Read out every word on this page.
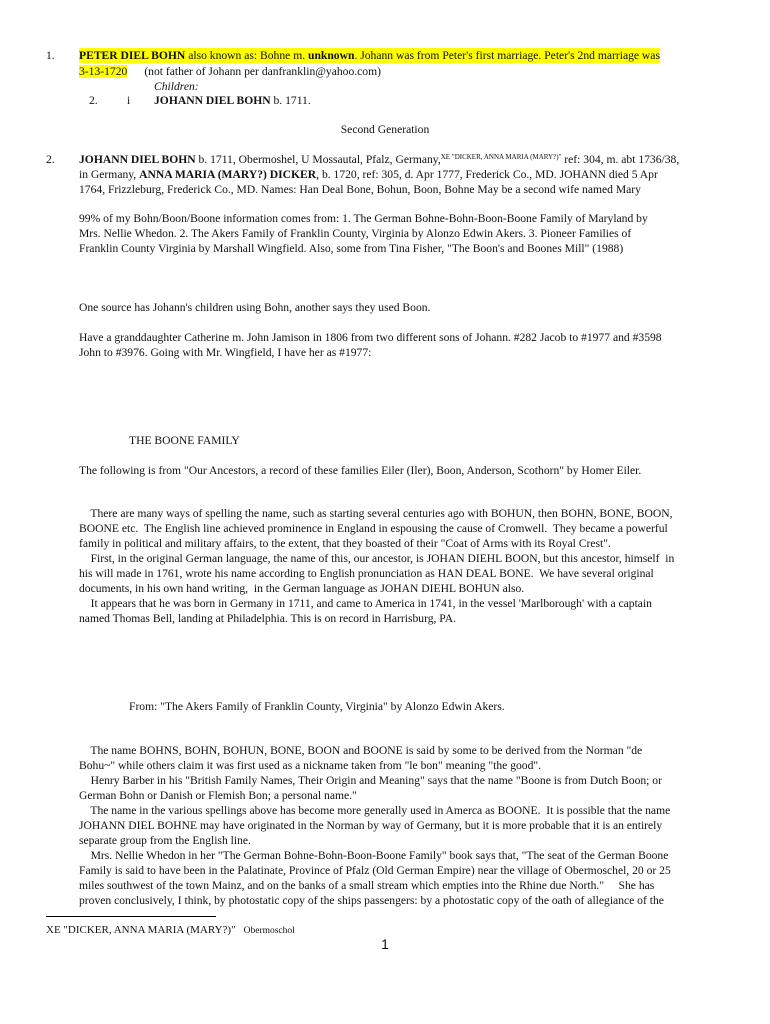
1. PETER DIEL BOHN also known as: Bohne m. unknown. Johann was from Peter's first marriage. Peter's 2nd marriage was

3-13-1720 (not father of Johann per danfranklin@yahoo.com)

Children:

2.	i JOHANN DIEL BOHN b. 1711.

Second Generation

2. JOHANN DIEL BOHN b. 1711, Obermoshel, U Mossautal, Pfalz, Germany,$^{XE "DICKER, ANNA MARIA (MARY?)"}$ ref: 304, m. abt 1736/38,

in Germany, ANNA MARIA (MARY?) DICKER, b. 1720, ref: 305, d. Apr 1777, Frederick Co., MD. JOHANN died 5 Apr

1764, Frizzleburg, Frederick Co., MD. Names: Han Deal Bone, Bohun, Boon, Bohne May be a second wife named Mary

99% of my Bohn/Boon/Boone information comes from: 1. The German Bohne-Bohn-Boon-Boone Family of Maryland by

Mrs. Nellie Whedon. 2. The Akers Family of Franklin County, Virginia by Alonzo Edwin Akers. 3. Pioneer Families of

Franklin County Virginia by Marshall Wingfield. Also, some from Tina Fisher, "The Boon's and Boones Mill" (1988)

One source has Johann's children using Bohn, another says they used Boon.

Have a granddaughter Catherine m. John Jamison in 1806 from two different sons of Johann. #282 Jacob to #1977 and #3598

John to #3976. Going with Mr. Wingfield, I have her as #1977:

THE BOONE FAMILY

The following is from "Our Ancestors, a record of these families Eiler (Iler), Boon, Anderson, Scothorn" by Homer Eiler.

There are many ways of spelling the name, such as starting several centuries ago with BOHUN, then BOHN, BONE, BOON,

BOONE etc.  The English line achieved prominence in England in espousing the cause of Cromwell.  They became a powerful

family in political and military affairs, to the extent, that they boasted of their "Coat of Arms with its Royal Crest".

First, in the original German language, the name of this, our ancestor, is JOHAN DIEHL BOON, but this ancestor, himself  in

his will made in 1761, wrote his name according to English pronunciation as HAN DEAL BONE.  We have several original

documents, in his own hand writing,  in the German language as JOHAN DIEHL BOHUN also.

It appears that he was born in Germany in 1711, and came to America in 1741, in the vessel 'Marlborough' with a captain

named Thomas Bell, landing at Philadelphia. This is on record in Harrisburg, PA.

From: "The Akers Family of Franklin County, Virginia" by Alonzo Edwin Akers.

The name BOHNS, BOHN, BOHUN, BONE, BOON and BOONE is said by some to be derived from the Norman "de

Bohu~" while others claim it was first used as a nickname taken from "le bon" meaning "the good".

Henry Barber in his "British Family Names, Their Origin and Meaning" says that the name "Boone is from Dutch Boon; or

German Bohn or Danish or Flemish Bon; a personal name."

The name in the various spellings above has become more generally used in Amerca as BOONE.  It is possible that the name

JOHANN DIEL BOHNE may have originated in the Norman by way of Germany, but it is more probable that it is an entirely

separate group from the English line.

Mrs. Nellie Whedon in her "The German Bohne-Bohn-Boon-Boone Family" book says that, "The seat of the German Boone

Family is said to have been in the Palatinate, Province of Pfalz (Old German Empire) near the village of Obermoschel, 20 or 25

miles southwest of the town Mainz, and on the banks of a small stream which empties into the Rhine due North."     She has

proven conclusively, I think, by photostatic copy of the ships passengers: by a photostatic copy of the oath of allegiance of the

XE "DICKER, ANNA MARIA (MARY?)" Obermoschol
1
